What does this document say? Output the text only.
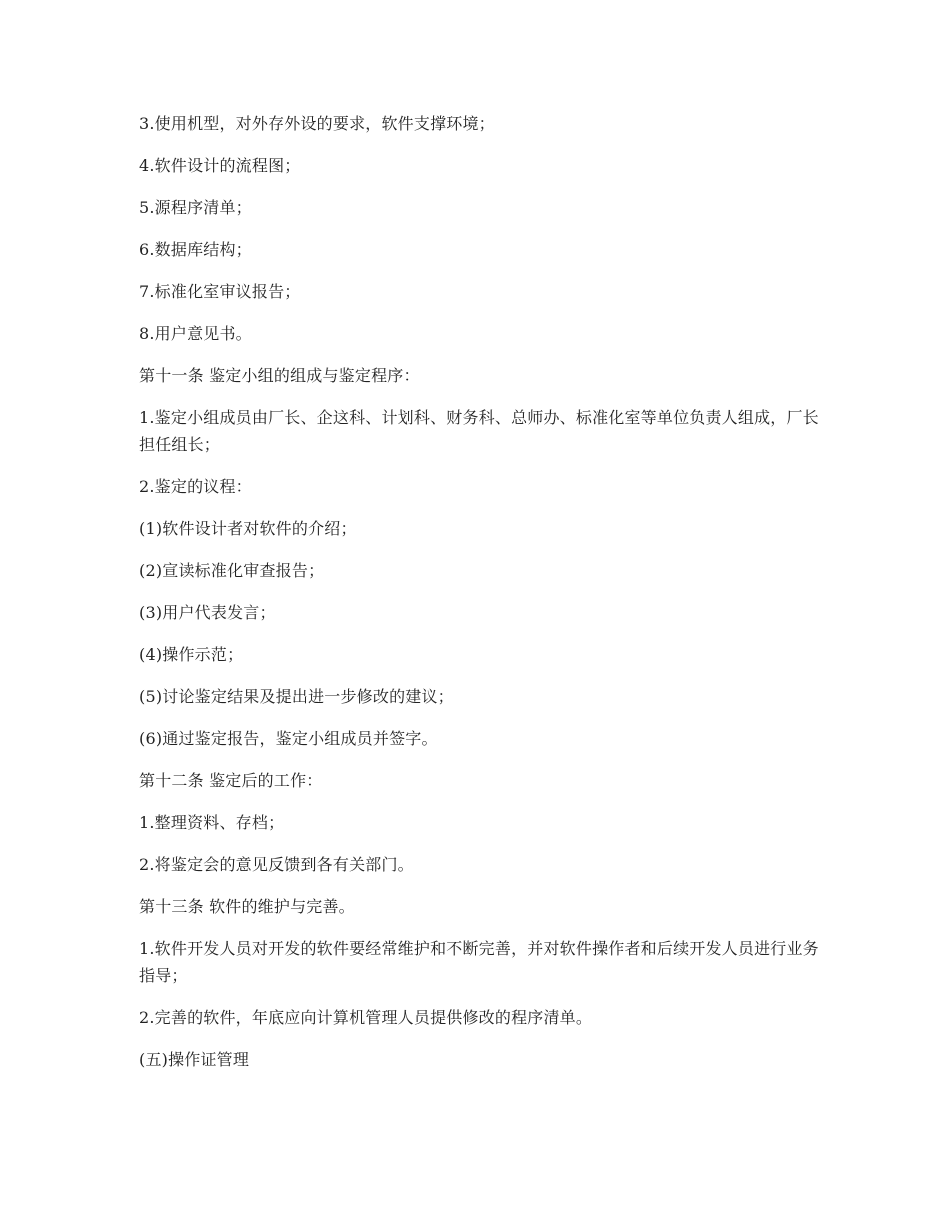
3.使用机型，对外存外设的要求，软件支撑环境；

4.软件设计的流程图；

5.源程序清单；

6.数据库结构；

7.标准化室审议报告；

8.用户意见书。

第十一条 鉴定小组的组成与鉴定程序：

1.鉴定小组成员由厂长、企这科、计划科、财务科、总师办、标准化室等单位负责人组成，厂长担任组长；

2.鉴定的议程：

(1)软件设计者对软件的介绍；

(2)宣读标准化审查报告；

(3)用户代表发言；

(4)操作示范；

(5)讨论鉴定结果及提出进一步修改的建议；

(6)通过鉴定报告，鉴定小组成员并签字。

第十二条 鉴定后的工作：

1.整理资料、存档；

2.将鉴定会的意见反馈到各有关部门。

第十三条 软件的维护与完善。

1.软件开发人员对开发的软件要经常维护和不断完善，并对软件操作者和后续开发人员进行业务指导；

2.完善的软件，年底应向计算机管理人员提供修改的程序清单。

(五)操作证管理
